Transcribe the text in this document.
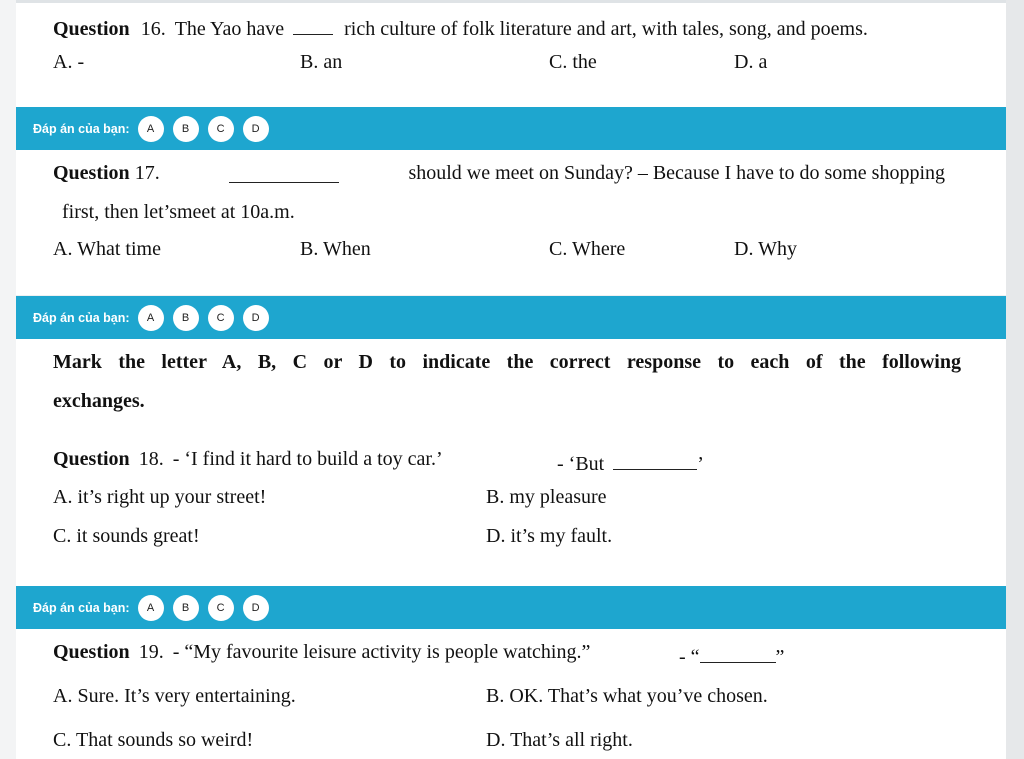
Question 16. The Yao have	rich culture of folk literature and art, with tales, song, and poems.
A. -	B. an	C. the	D. a
Đáp án của bạn:	A	B	C	D
Question 17.	should we meet on Sunday? – Because I have to do some shopping
first, then let’smeet at 10a.m.
A. What time	B. When	C. Where	D. Why
Đáp án của bạn:	A	B	C	D
Mark the letter A, B, C or D to indicate the correct response to each of the following
exchanges.
Question 18. - ‘I find it hard to build a toy car.’	- ‘But	’
A. it’s right up your street!	B. my pleasure
C. it sounds great!	D. it’s my fault.
Đáp án của bạn:	A	B	C	D
Question 19. - “My favourite leisure activity is people watching.”	- “	”
A. Sure. It’s very entertaining.	B. OK. That’s what you’ve chosen.
C. That sounds so weird!	D. That’s all right.
